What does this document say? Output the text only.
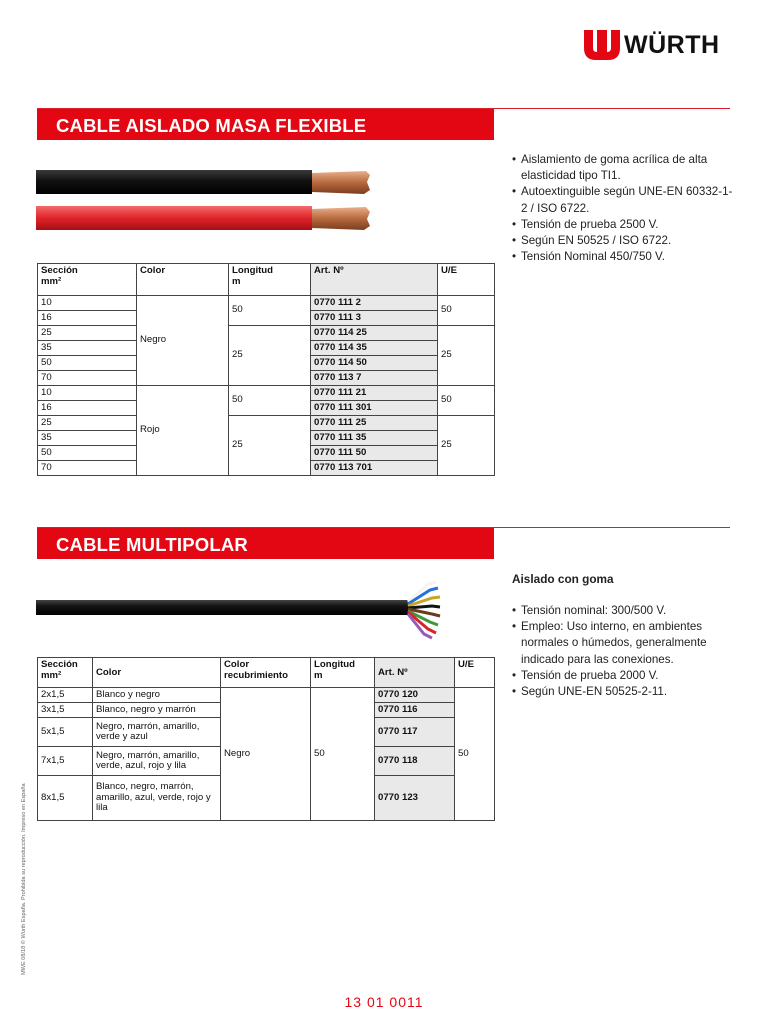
WÜRTH
CABLE AISLADO MASA FLEXIBLE
• Aislamiento de goma acrílica de alta elasticidad tipo TI1.
• Autoextinguible según UNE-EN 60332-1-2 / ISO 6722.
• Tensión de prueba 2500 V.
• Según EN 50525 / ISO 6722.
• Tensión Nominal 450/750 V.
Sección
mm²	Color	Longitud
m	Art. Nº	U/E
10	Negro	50	0770 111 2	50
16			0770 111 3	
25		25	0770 114 25	25
35			0770 114 35	
50			0770 114 50	
70			0770 113 7	
10	Rojo	50	0770 111 21	50
16			0770 111 301	
25		25	0770 111 25	25
35			0770 111 35	
50			0770 111 50	
70			0770 113 701	
CABLE MULTIPOLAR
Aislado con goma
• Tensión nominal: 300/500 V.
• Empleo: Uso interno, en ambientes normales o húmedos, generalmente indicado para las conexiones.
• Tensión de prueba 2000 V.
• Según UNE-EN 50525-2-11.
Sección
mm²	Color	Color recubrimiento	Longitud
m	Art. Nº	U/E
2x1,5	Blanco y negro	Negro	50	0770 120	50
3x1,5	Blanco, negro y marrón			0770 116	
5x1,5	Negro, marrón, amarillo, verde y azul			0770 117	
7x1,5	Negro, marrón, amarillo, verde, azul, rojo y lila			0770 118	
8x1,5	Blanco, negro, marrón, amarillo, azul, verde, rojo y lila			0770 123	
MWE 08/18 © Würth España. Prohibida su reproducción. Impreso en España
13 01 0011
